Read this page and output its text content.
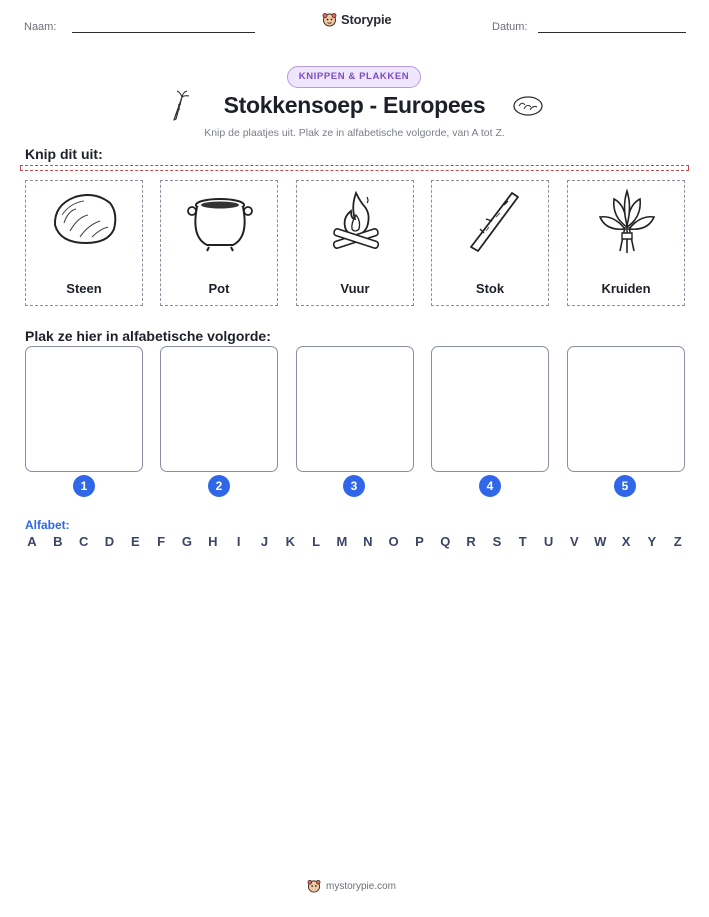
Naam:	Storypie	Datum:
KNIPPEN & PLAKKEN
Stokkensoep - Europees
Knip de plaatjes uit. Plak ze in alfabetische volgorde, van A tot Z.
Knip dit uit:
Steen	Pot	Vuur	Stok	Kruiden
Plak ze hier in alfabetische volgorde:
1	2	3	4	5
Alfabet:
A B C D E F G H	I	J K L M N O P Q R S T U V W X Y Z
mystorypie.com
